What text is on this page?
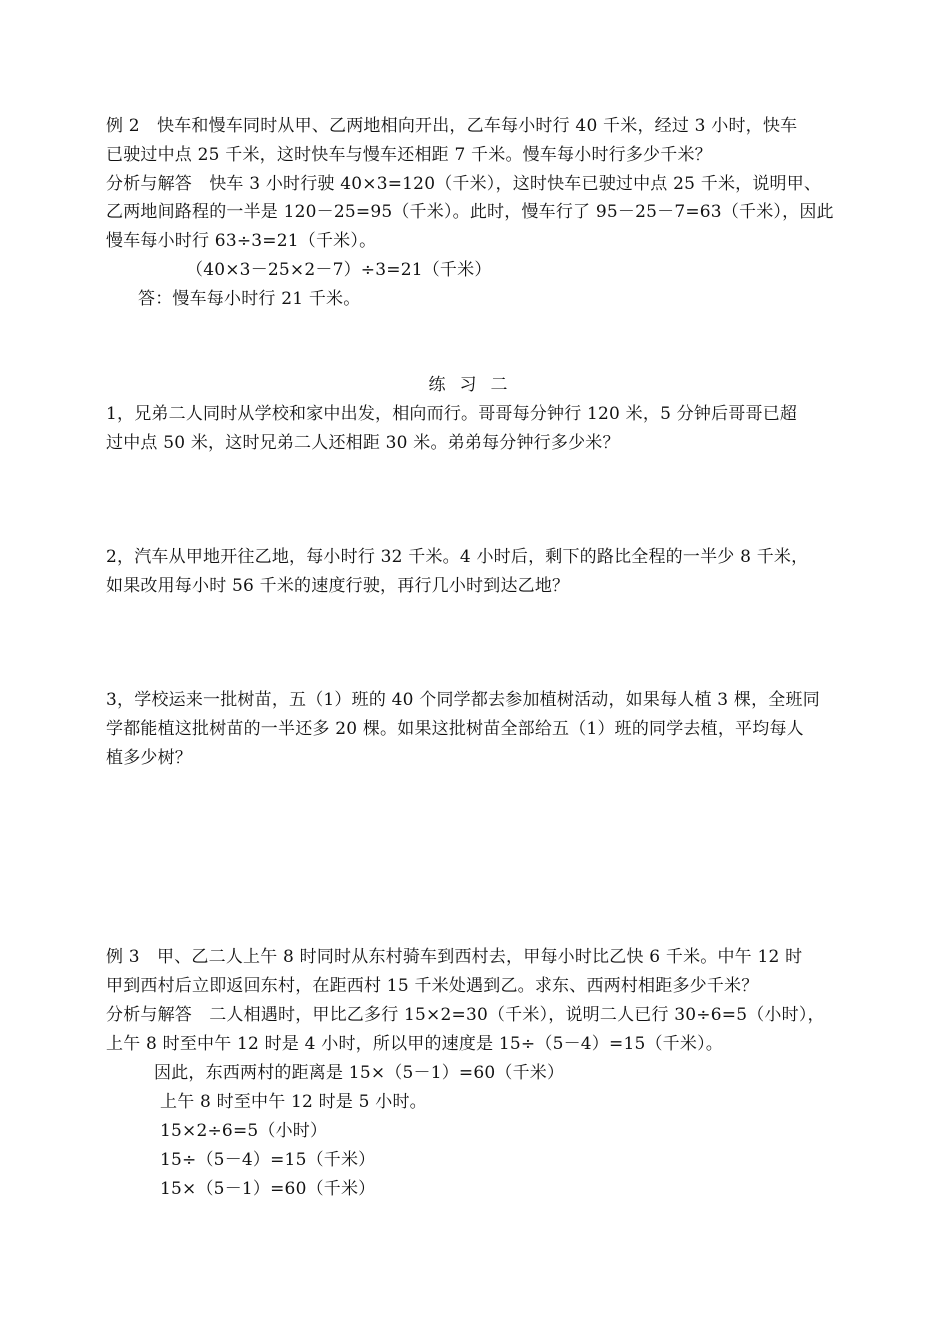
例 2　快车和慢车同时从甲、乙两地相向开出，乙车每小时行 40 千米，经过 3 小时，快车
已驶过中点 25 千米，这时快车与慢车还相距 7 千米。慢车每小时行多少千米？
分析与解答　快车 3 小时行驶 40×3=120（千米），这时快车已驶过中点 25 千米，说明甲、
乙两地间路程的一半是 120－25=95（千米）。此时，慢车行了 95－25－7=63（千米），因此
慢车每小时行 63÷3=21（千米）。
（40×3－25×2－7）÷3=21（千米）
答：慢车每小时行 21 千米。
练习二
1，兄弟二人同时从学校和家中出发，相向而行。哥哥每分钟行 120 米，5 分钟后哥哥已超
过中点 50 米，这时兄弟二人还相距 30 米。弟弟每分钟行多少米？
2，汽车从甲地开往乙地，每小时行 32 千米。4 小时后，剩下的路比全程的一半少 8 千米，
如果改用每小时 56 千米的速度行驶，再行几小时到达乙地？
3，学校运来一批树苗，五（1）班的 40 个同学都去参加植树活动，如果每人植 3 棵，全班同
学都能植这批树苗的一半还多 20 棵。如果这批树苗全部给五（1）班的同学去植，平均每人
植多少树？
例 3　甲、乙二人上午 8 时同时从东村骑车到西村去，甲每小时比乙快 6 千米。中午 12 时
甲到西村后立即返回东村，在距西村 15 千米处遇到乙。求东、西两村相距多少千米？
分析与解答　二人相遇时，甲比乙多行 15×2=30（千米），说明二人已行 30÷6=5（小时），
上午 8 时至中午 12 时是 4 小时，所以甲的速度是 15÷（5－4）=15（千米）。
因此，东西两村的距离是 15×（5－1）=60（千米）
上午 8 时至中午 12 时是 5 小时。
15×2÷6=5（小时）
15÷（5－4）=15（千米）
15×（5－1）=60（千米）
